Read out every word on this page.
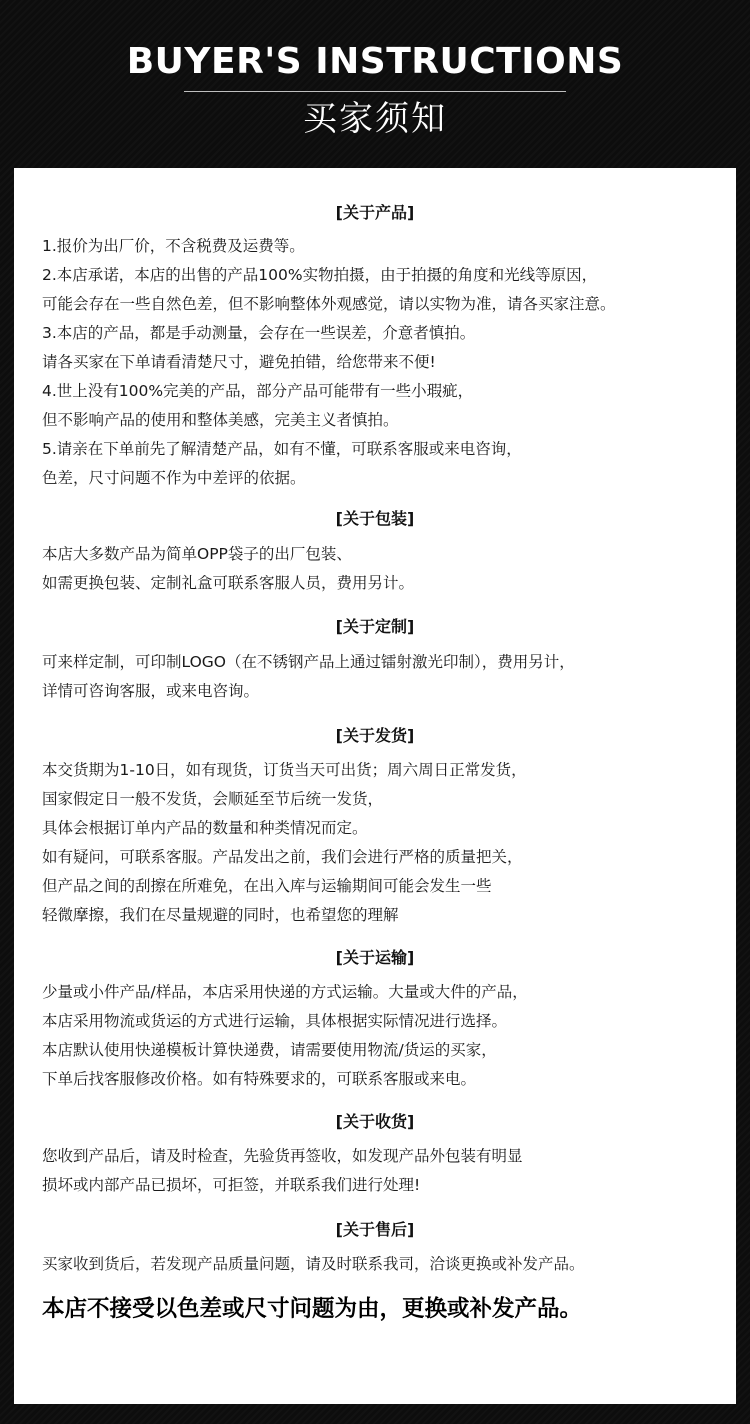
BUYER'S INSTRUCTIONS
买家须知
[关于产品]
1.报价为出厂价，不含税费及运费等。
2.本店承诺，本店的出售的产品100%实物拍摄，由于拍摄的角度和光线等原因，
可能会存在一些自然色差，但不影响整体外观感觉，请以实物为准，请各买家注意。
3.本店的产品，都是手动测量，会存在一些误差，介意者慎拍。
请各买家在下单请看清楚尺寸，避免拍错，给您带来不便!
4.世上没有100%完美的产品，部分产品可能带有一些小瑕疵，
但不影响产品的使用和整体美感，完美主义者慎拍。
5.请亲在下单前先了解清楚产品，如有不懂，可联系客服或来电咨询，
色差，尺寸问题不作为中差评的依据。
[关于包装]
本店大多数产品为简单OPP袋子的出厂包装、
如需更换包装、定制礼盒可联系客服人员，费用另计。
[关于定制]
可来样定制，可印制LOGO（在不锈钢产品上通过镭射激光印制），费用另计，
详情可咨询客服，或来电咨询。
[关于发货]
本交货期为1-10日，如有现货，订货当天可出货；周六周日正常发货，
国家假定日一般不发货，会顺延至节后统一发货，
具体会根据订单内产品的数量和种类情况而定。
如有疑问，可联系客服。产品发出之前，我们会进行严格的质量把关，
但产品之间的刮擦在所难免，在出入库与运输期间可能会发生一些
轻微摩擦，我们在尽量规避的同时，也希望您的理解
[关于运输]
少量或小件产品/样品，本店采用快递的方式运输。大量或大件的产品，
本店采用物流或货运的方式进行运输，具体根据实际情况进行选择。
本店默认使用快递模板计算快递费，请需要使用物流/货运的买家，
下单后找客服修改价格。如有特殊要求的，可联系客服或来电。
[关于收货]
您收到产品后，请及时检查，先验货再签收，如发现产品外包装有明显
损坏或内部产品已损坏，可拒签，并联系我们进行处理!
[关于售后]
买家收到货后，若发现产品质量问题，请及时联系我司，洽谈更换或补发产品。
本店不接受以色差或尺寸问题为由，更换或补发产品。
